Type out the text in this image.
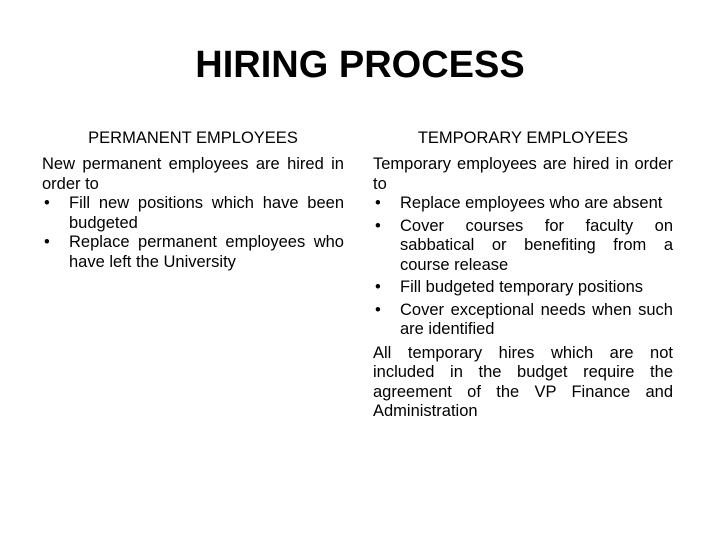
HIRING PROCESS
PERMANENT EMPLOYEES

New permanent employees are hired in order to

• Fill new positions which have been budgeted
• Replace permanent employees who have left the University
TEMPORARY EMPLOYEES

Temporary employees are hired in order to

• Replace employees who are absent
• Cover courses for faculty on sabbatical or benefiting from a course release
• Fill budgeted temporary positions
• Cover exceptional needs when such are identified

All temporary hires which are not included in the budget require the agreement of the VP Finance and Administration
